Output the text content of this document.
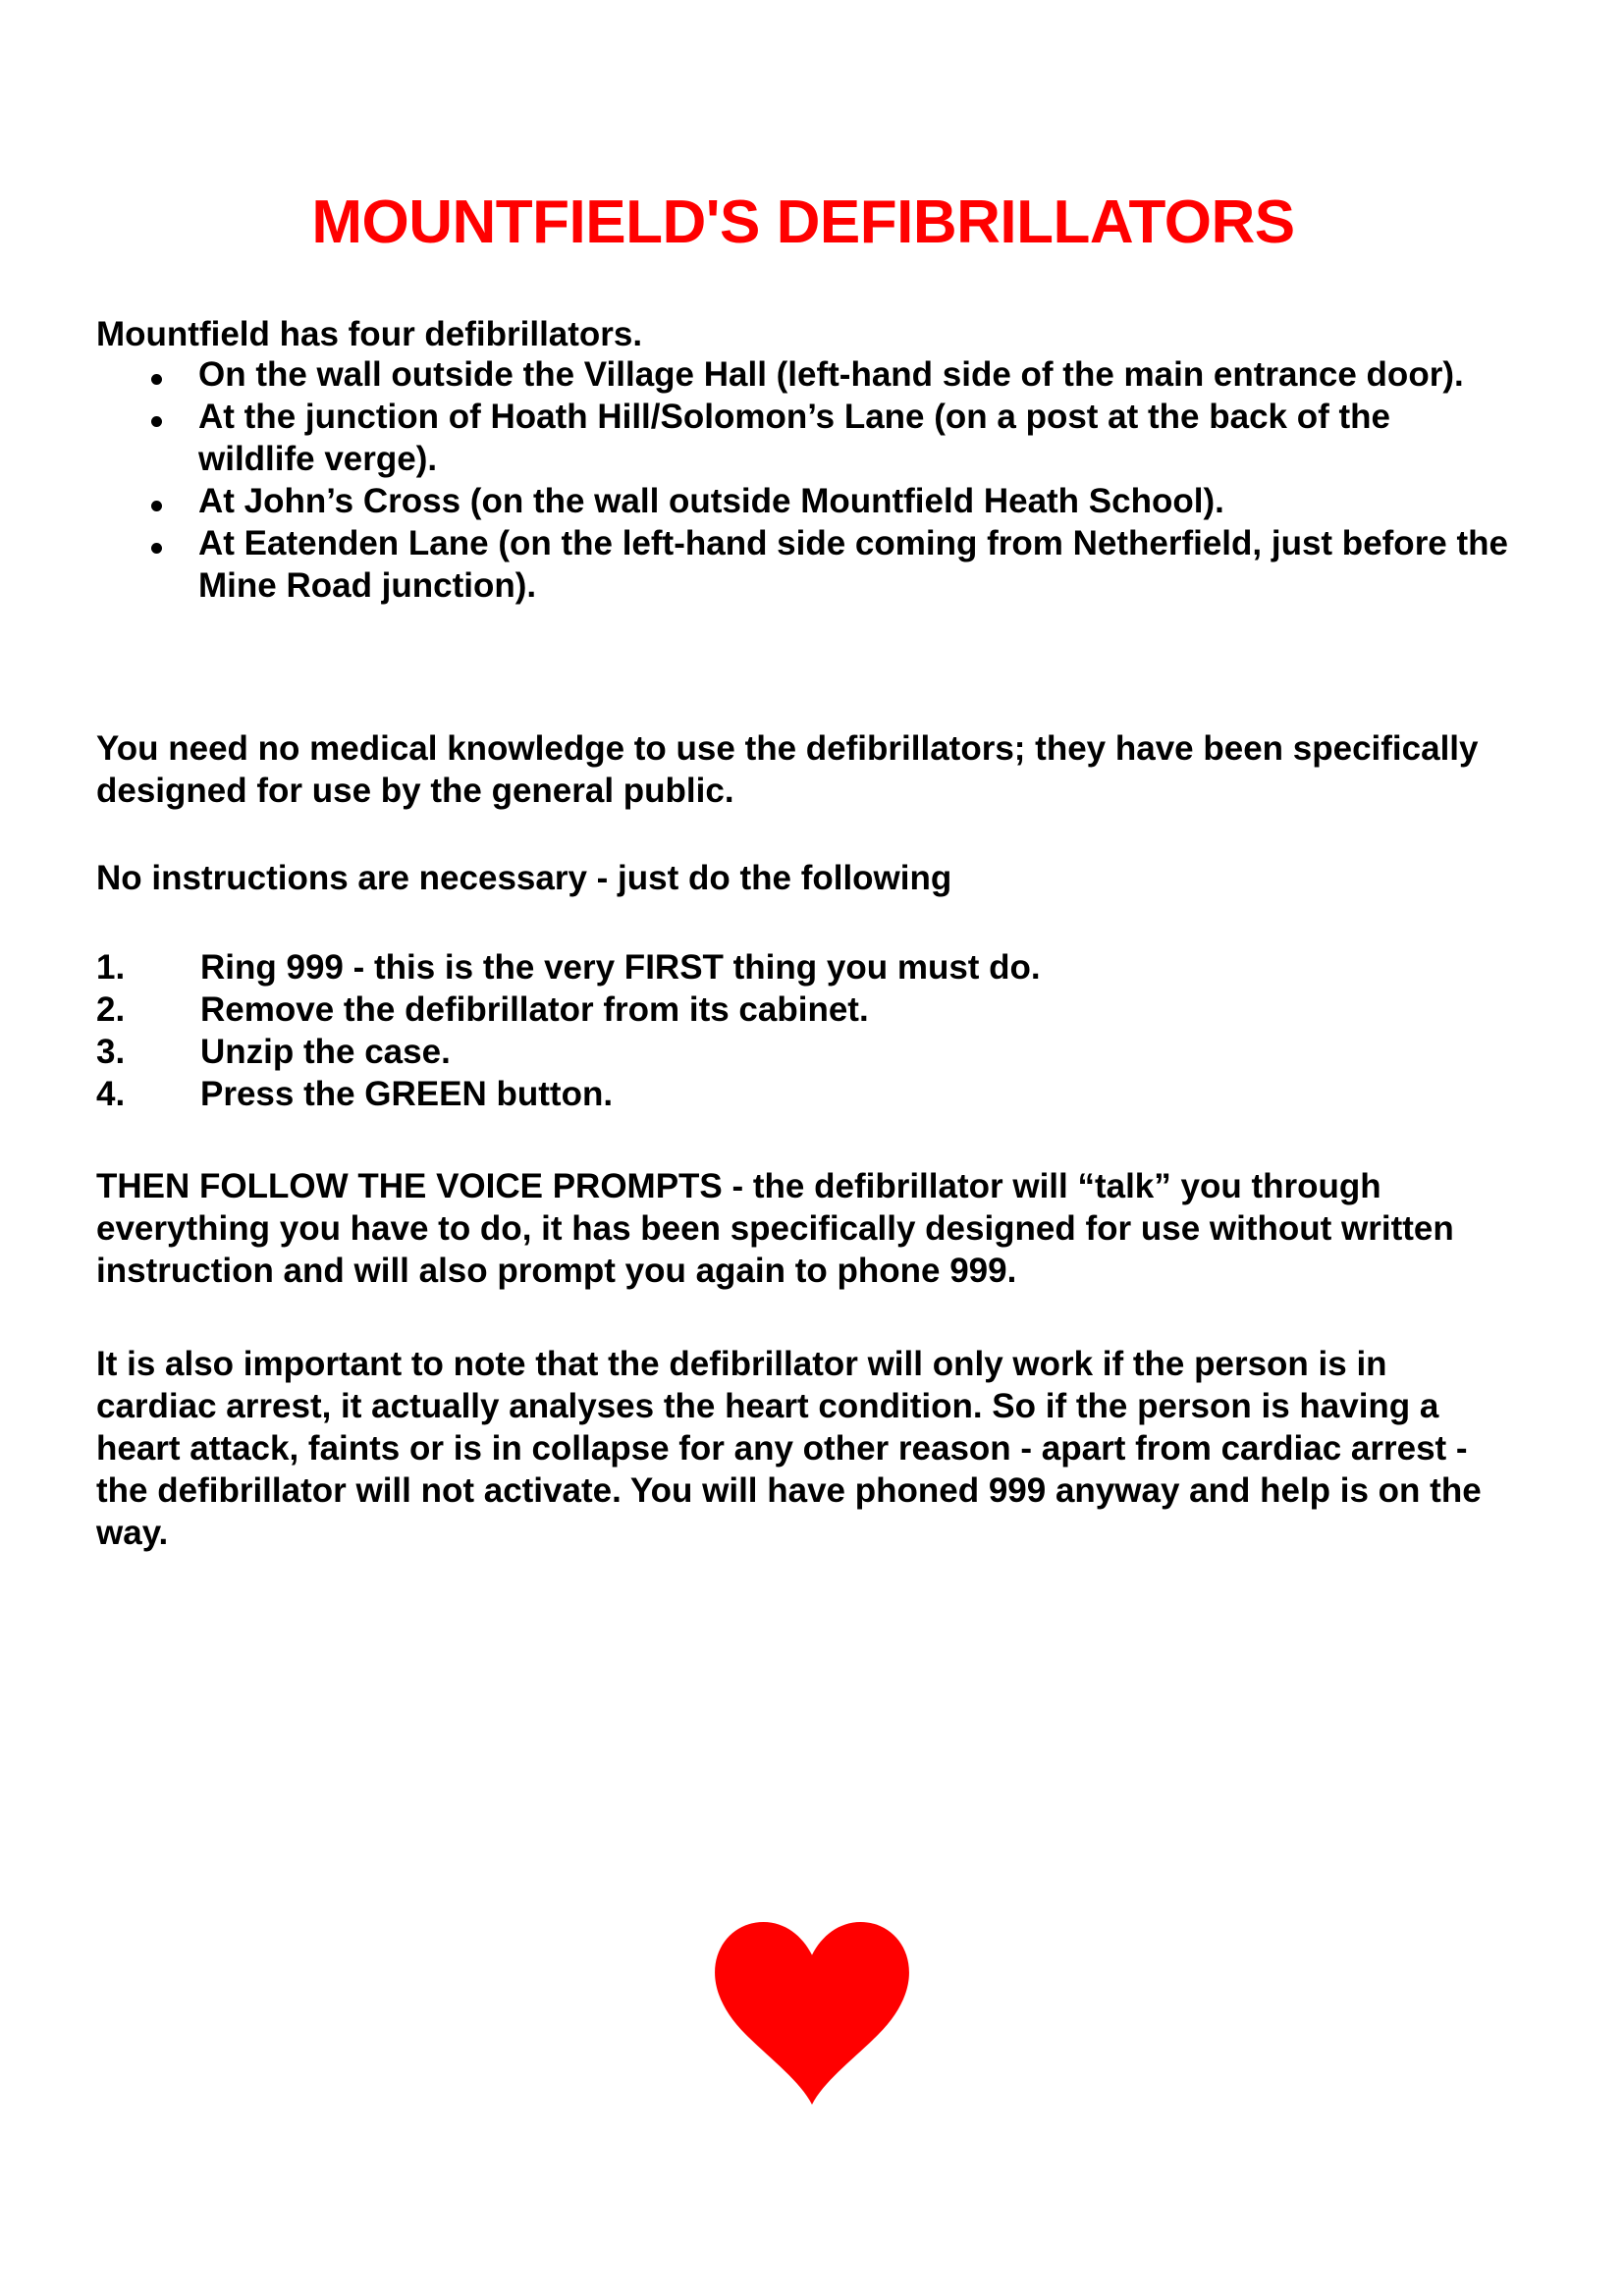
MOUNTFIELD'S DEFIBRILLATORS

Mountfield has four defibrillators.

On the wall outside the Village Hall (left-hand side of the main entrance door).
At the junction of Hoath Hill/Solomon’s Lane (on a post at the back of the wildlife verge).
At John’s Cross (on the wall outside Mountfield Heath School).
At Eatenden Lane (on the left-hand side coming from Netherfield, just before the Mine Road junction).

You need no medical knowledge to use the defibrillators; they have been specifically designed for use by the general public.

No instructions are necessary - just do the following

1.	Ring 999 - this is the very FIRST thing you must do.
2.	Remove the defibrillator from its cabinet.
3.	Unzip the case.
4.	Press the GREEN button.

THEN FOLLOW THE VOICE PROMPTS - the defibrillator will “talk” you through everything you have to do, it has been specifically designed for use without written instruction and will also prompt you again to phone 999.

It is also important to note that the defibrillator will only work if the person is in cardiac arrest, it actually analyses the heart condition. So if the person is having a heart attack, faints or is in collapse for any other reason - apart from cardiac arrest - the defibrillator will not activate. You will have phoned 999 anyway and help is on the way.
